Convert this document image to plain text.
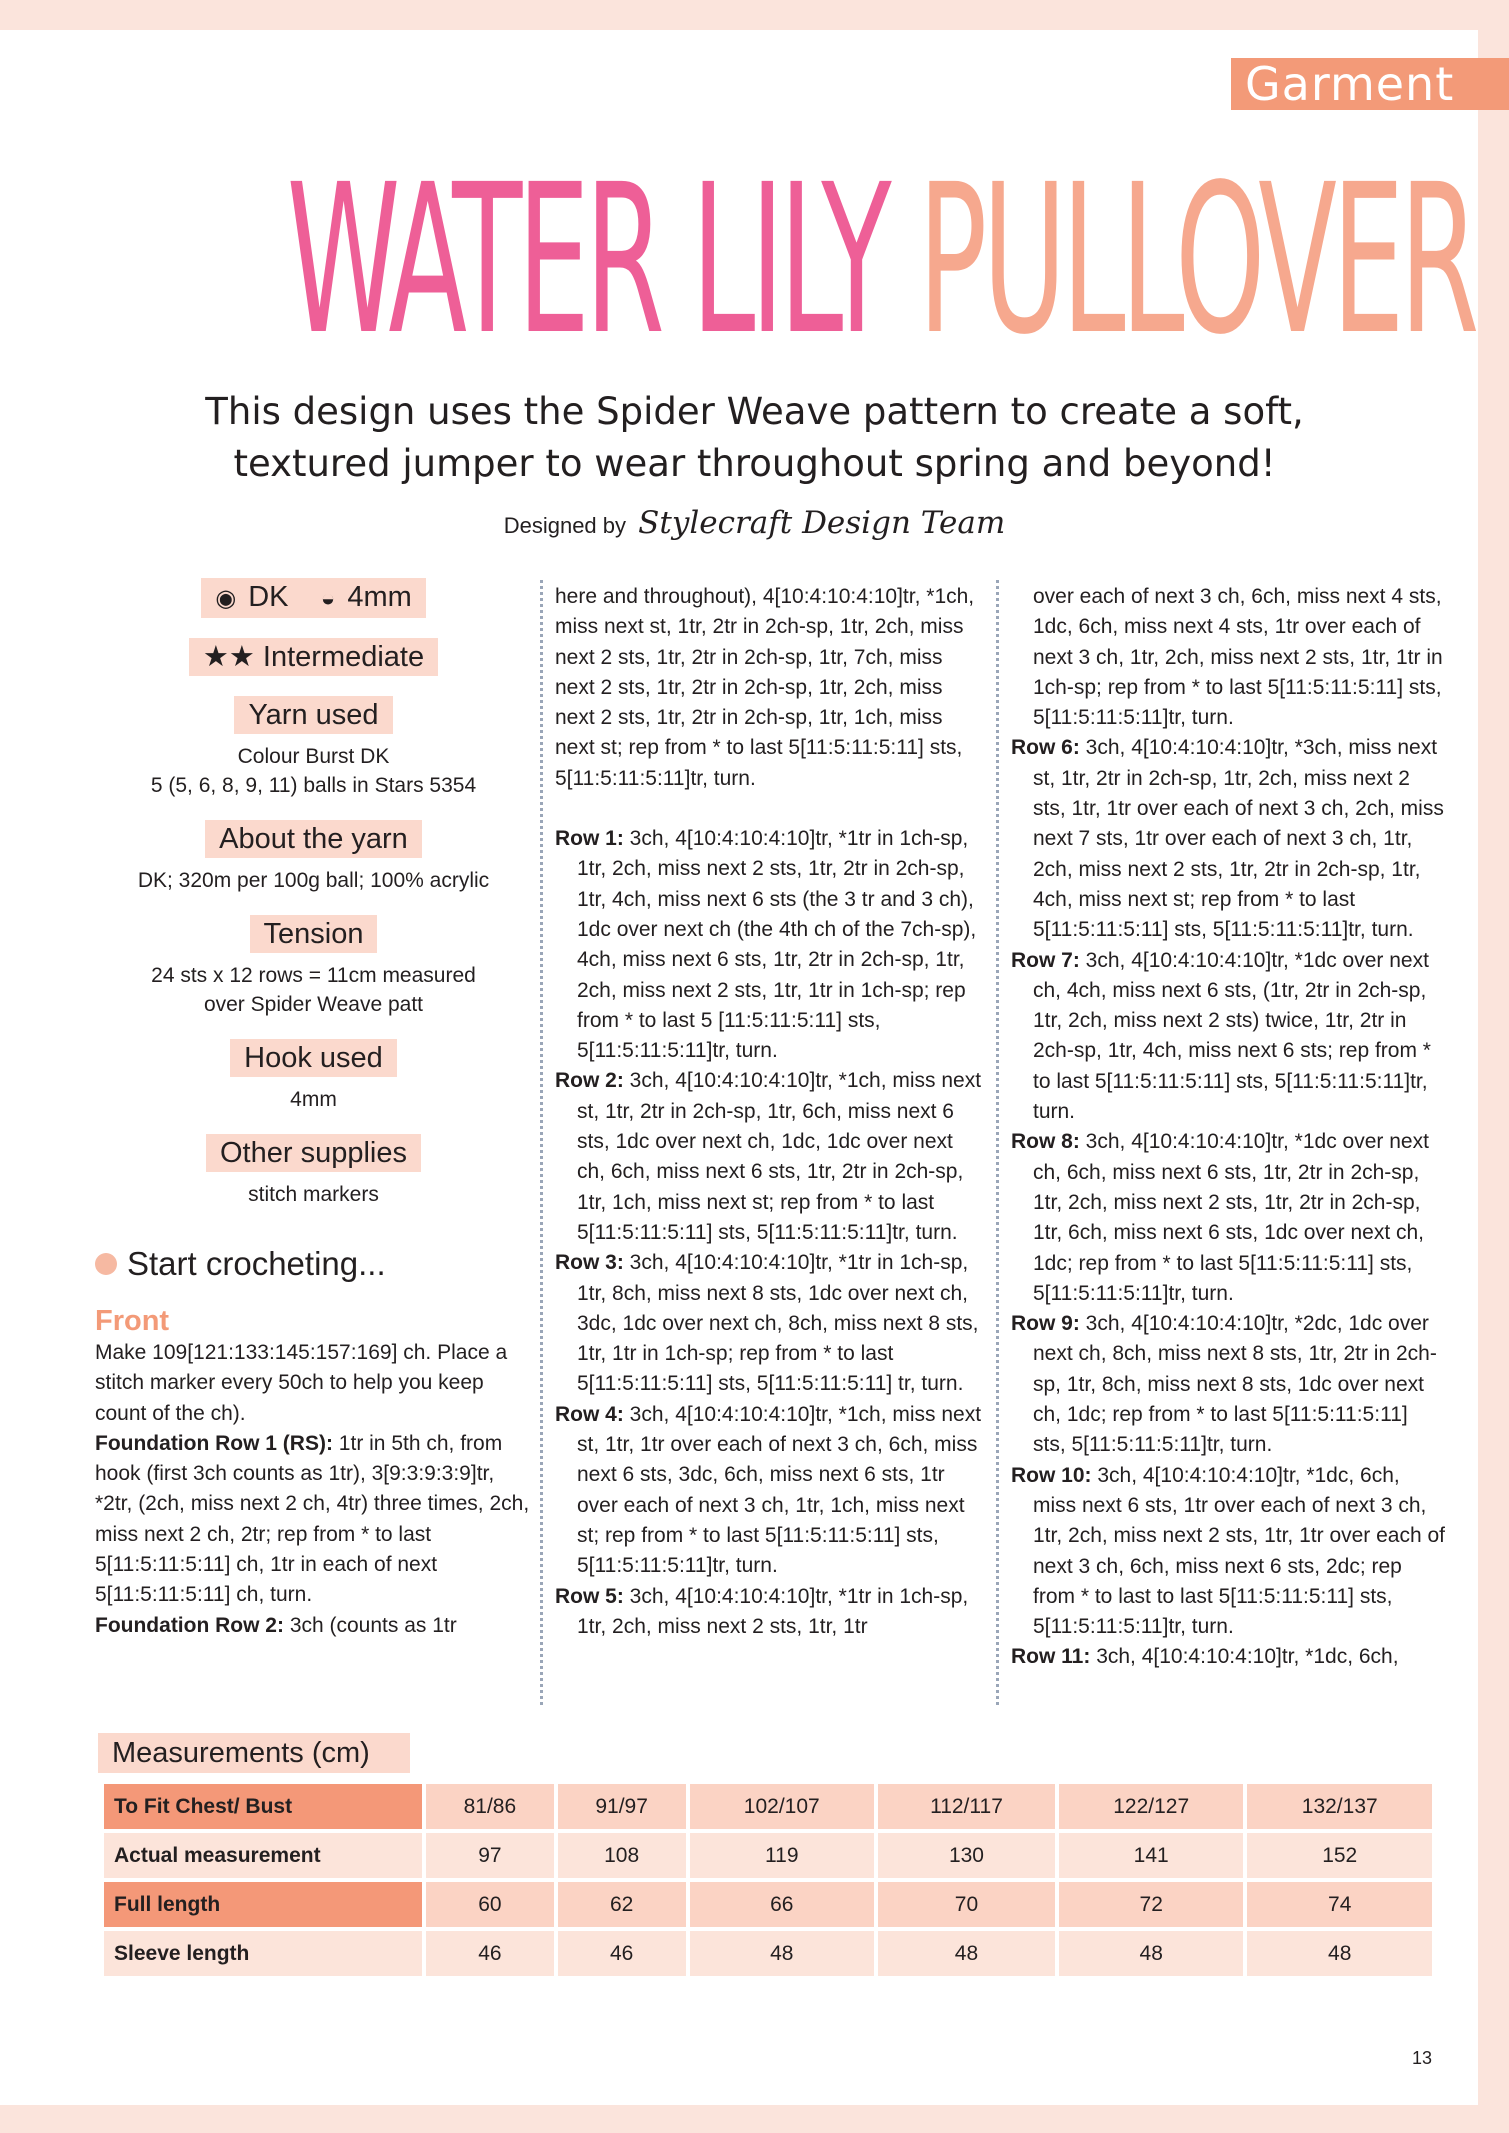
Garment
WATER LILY PULLOVER
This design uses the Spider Weave pattern to create a soft,
textured jumper to wear throughout spring and beyond!
Designed by Stylecraft Design Team
◉ DK ◒ 4mm
★★ Intermediate
Yarn used
Colour Burst DK
5 (5, 6, 8, 9, 11) balls in Stars 5354
About the yarn
DK; 320m per 100g ball; 100% acrylic
Tension
24 sts x 12 rows = 11cm measured
over Spider Weave patt
Hook used
4mm
Other supplies
stitch markers
Start crocheting...
Front

Make 109[121:133:145:157:169] ch. Place a stitch marker every 50ch to help you keep count of the ch).

Foundation Row 1 (RS): 1tr in 5th ch, from hook (first 3ch counts as 1tr), 3[9:3:9:3:9]tr, *2tr, (2ch, miss next 2 ch, 4tr) three times, 2ch, miss next 2 ch, 2tr; rep from * to last 5[11:5:11:5:11] ch, 1tr in each of next 5[11:5:11:5:11] ch, turn.

Foundation Row 2: 3ch (counts as 1tr

here and throughout), 4[10:4:10:4:10]tr, *1ch, miss next st, 1tr, 2tr in 2ch-sp, 1tr, 2ch, miss next 2 sts, 1tr, 2tr in 2ch-sp, 1tr, 7ch, miss next 2 sts, 1tr, 2tr in 2ch-sp, 1tr, 2ch, miss next 2 sts, 1tr, 2tr in 2ch-sp, 1tr, 1ch, miss next st; rep from * to last 5[11:5:11:5:11] sts, 5[11:5:11:5:11]tr, turn.

Row 1: 3ch, 4[10:4:10:4:10]tr, *1tr in 1ch-sp, 1tr, 2ch, miss next 2 sts, 1tr, 2tr in 2ch-sp, 1tr, 4ch, miss next 6 sts (the 3 tr and 3 ch), 1dc over next ch (the 4th ch of the 7ch-sp), 4ch, miss next 6 sts, 1tr, 2tr in 2ch-sp, 1tr, 2ch, miss next 2 sts, 1tr, 1tr in 1ch-sp; rep from * to last 5 [11:5:11:5:11] sts, 5[11:5:11:5:11]tr, turn.

Row 2: 3ch, 4[10:4:10:4:10]tr, *1ch, miss next st, 1tr, 2tr in 2ch-sp, 1tr, 6ch, miss next 6 sts, 1dc over next ch, 1dc, 1dc over next ch, 6ch, miss next 6 sts, 1tr, 2tr in 2ch-sp, 1tr, 1ch, miss next st; rep from * to last 5[11:5:11:5:11] sts, 5[11:5:11:5:11]tr, turn.

Row 3: 3ch, 4[10:4:10:4:10]tr, *1tr in 1ch-sp, 1tr, 8ch, miss next 8 sts, 1dc over next ch, 3dc, 1dc over next ch, 8ch, miss next 8 sts, 1tr, 1tr in 1ch-sp; rep from * to last 5[11:5:11:5:11] sts, 5[11:5:11:5:11] tr, turn.

Row 4: 3ch, 4[10:4:10:4:10]tr, *1ch, miss next st, 1tr, 1tr over each of next 3 ch, 6ch, miss next 6 sts, 3dc, 6ch, miss next 6 sts, 1tr over each of next 3 ch, 1tr, 1ch, miss next st; rep from * to last 5[11:5:11:5:11] sts, 5[11:5:11:5:11]tr, turn.

Row 5: 3ch, 4[10:4:10:4:10]tr, *1tr in 1ch-sp, 1tr, 2ch, miss next 2 sts, 1tr, 1tr

over each of next 3 ch, 6ch, miss next 4 sts, 1dc, 6ch, miss next 4 sts, 1tr over each of next 3 ch, 1tr, 2ch, miss next 2 sts, 1tr, 1tr in 1ch-sp; rep from * to last 5[11:5:11:5:11] sts, 5[11:5:11:5:11]tr, turn.

Row 6: 3ch, 4[10:4:10:4:10]tr, *3ch, miss next st, 1tr, 2tr in 2ch-sp, 1tr, 2ch, miss next 2 sts, 1tr, 1tr over each of next 3 ch, 2ch, miss next 7 sts, 1tr over each of next 3 ch, 1tr, 2ch, miss next 2 sts, 1tr, 2tr in 2ch-sp, 1tr, 4ch, miss next st; rep from * to last 5[11:5:11:5:11] sts, 5[11:5:11:5:11]tr, turn.

Row 7: 3ch, 4[10:4:10:4:10]tr, *1dc over next ch, 4ch, miss next 6 sts, (1tr, 2tr in 2ch-sp, 1tr, 2ch, miss next 2 sts) twice, 1tr, 2tr in 2ch-sp, 1tr, 4ch, miss next 6 sts; rep from * to last 5[11:5:11:5:11] sts, 5[11:5:11:5:11]tr, turn.

Row 8: 3ch, 4[10:4:10:4:10]tr, *1dc over next ch, 6ch, miss next 6 sts, 1tr, 2tr in 2ch-sp, 1tr, 2ch, miss next 2 sts, 1tr, 2tr in 2ch-sp, 1tr, 6ch, miss next 6 sts, 1dc over next ch, 1dc; rep from * to last 5[11:5:11:5:11] sts, 5[11:5:11:5:11]tr, turn.

Row 9: 3ch, 4[10:4:10:4:10]tr, *2dc, 1dc over next ch, 8ch, miss next 8 sts, 1tr, 2tr in 2ch-sp, 1tr, 8ch, miss next 8 sts, 1dc over next ch, 1dc; rep from * to last 5[11:5:11:5:11] sts, 5[11:5:11:5:11]tr, turn.

Row 10: 3ch, 4[10:4:10:4:10]tr, *1dc, 6ch, miss next 6 sts, 1tr over each of next 3 ch, 1tr, 2ch, miss next 2 sts, 1tr, 1tr over each of next 3 ch, 6ch, miss next 6 sts, 2dc; rep from * to last to last 5[11:5:11:5:11] sts, 5[11:5:11:5:11]tr, turn.

Row 11: 3ch, 4[10:4:10:4:10]tr, *1dc, 6ch,

Measurements (cm)
To Fit Chest/ Bust	81/86	91/97	102/107	112/117	122/127	132/137
Actual measurement	97	108	119	130	141	152
Full length	60	62	66	70	72	74
Sleeve length	46	46	48	48	48	48
13
